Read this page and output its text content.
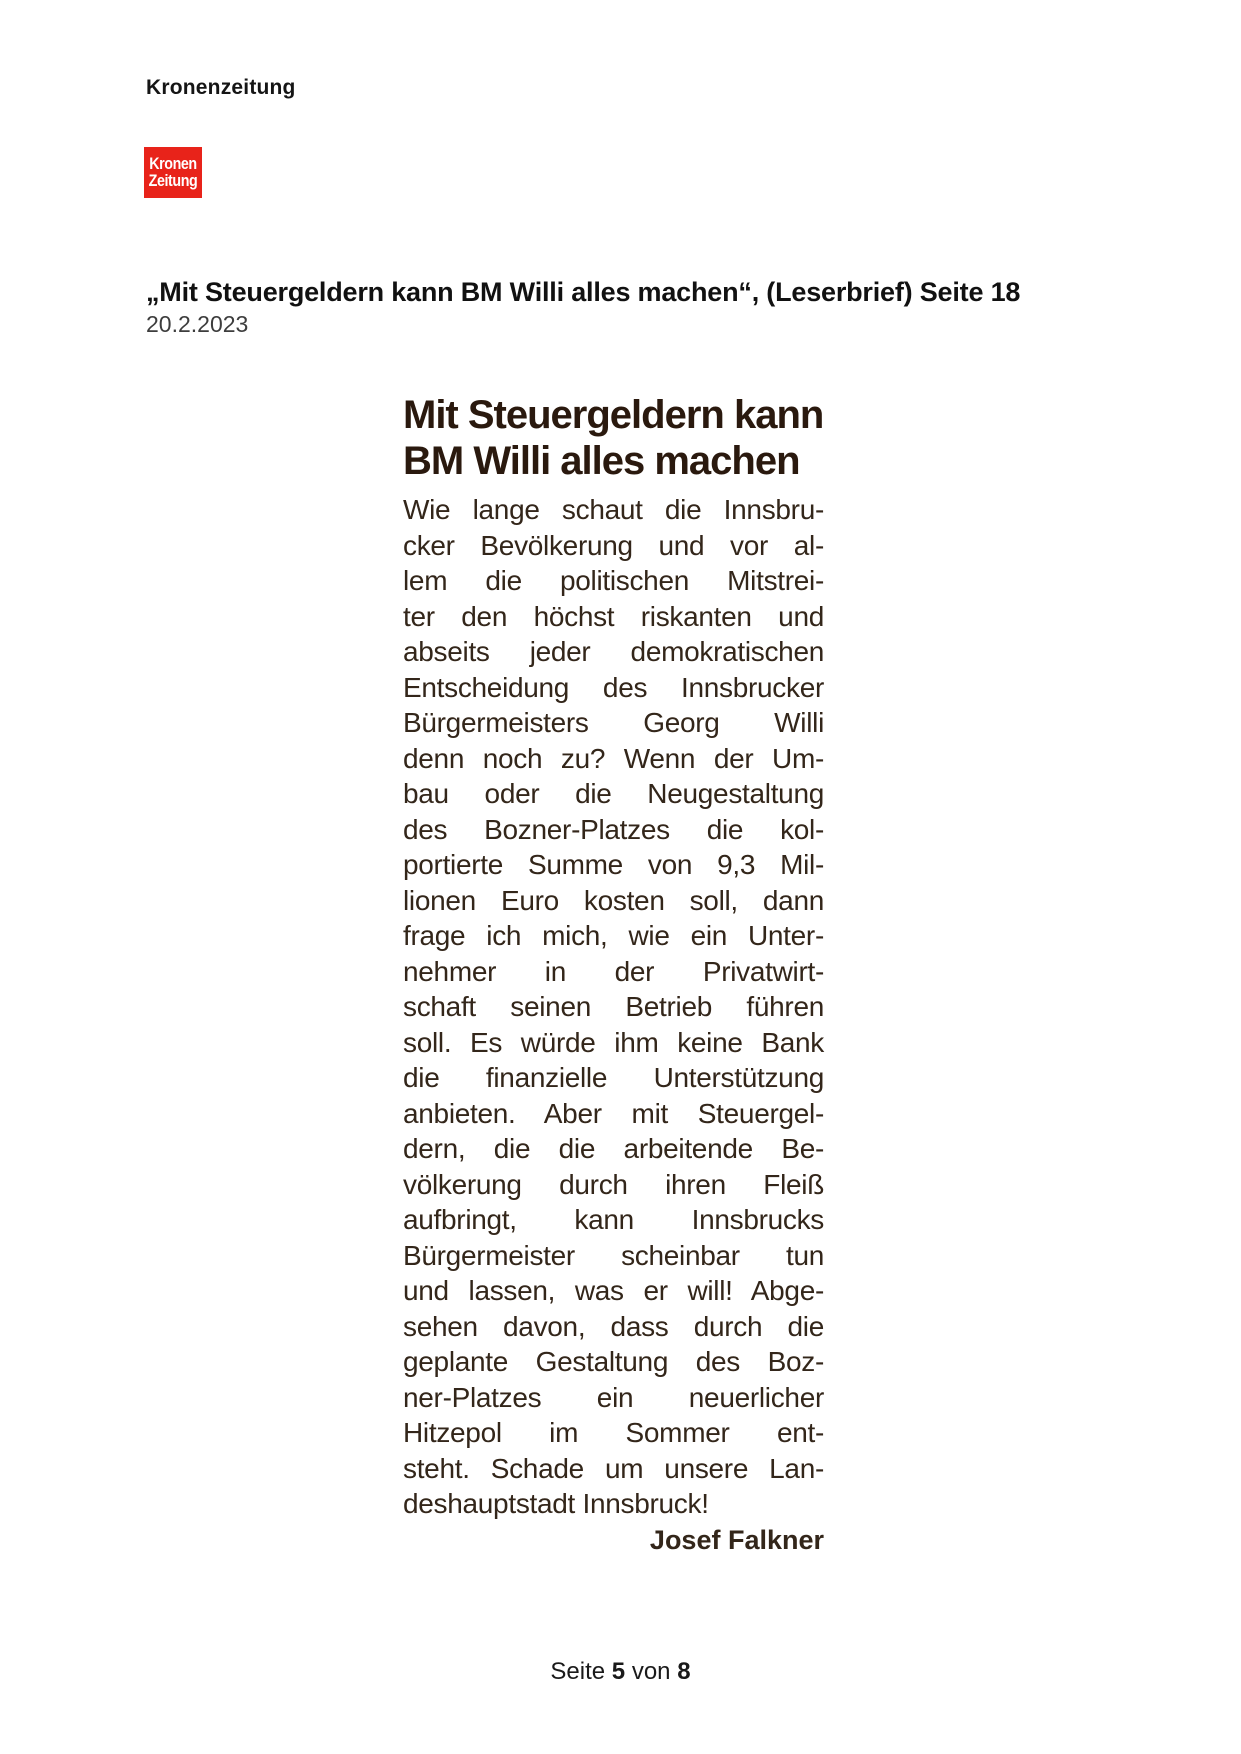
Kronenzeitung
Kronen
Zeitung
„Mit Steuergeldern kann BM Willi alles machen“, (Leserbrief) Seite 18
20.2.2023
Mit Steuergeldern kann
BM Willi alles machen
Wie lange schaut die Innsbru-
cker Bevölkerung und vor al-
lem die politischen Mitstrei-
ter den höchst riskanten und
abseits jeder demokratischen
Entscheidung des Innsbrucker
Bürgermeisters Georg Willi
denn noch zu? Wenn der Um-
bau oder die Neugestaltung
des Bozner-Platzes die kol-
portierte Summe von 9,3 Mil-
lionen Euro kosten soll, dann
frage ich mich, wie ein Unter-
nehmer in der Privatwirt-
schaft seinen Betrieb führen
soll. Es würde ihm keine Bank
die finanzielle Unterstützung
anbieten. Aber mit Steuergel-
dern, die die arbeitende Be-
völkerung durch ihren Fleiß
aufbringt, kann Innsbrucks
Bürgermeister scheinbar tun
und lassen, was er will! Abge-
sehen davon, dass durch die
geplante Gestaltung des Boz-
ner-Platzes ein neuerlicher
Hitzepol im Sommer ent-
steht. Schade um unsere Lan-
deshauptstadt Innsbruck!
Josef Falkner
Seite 5 von 8
